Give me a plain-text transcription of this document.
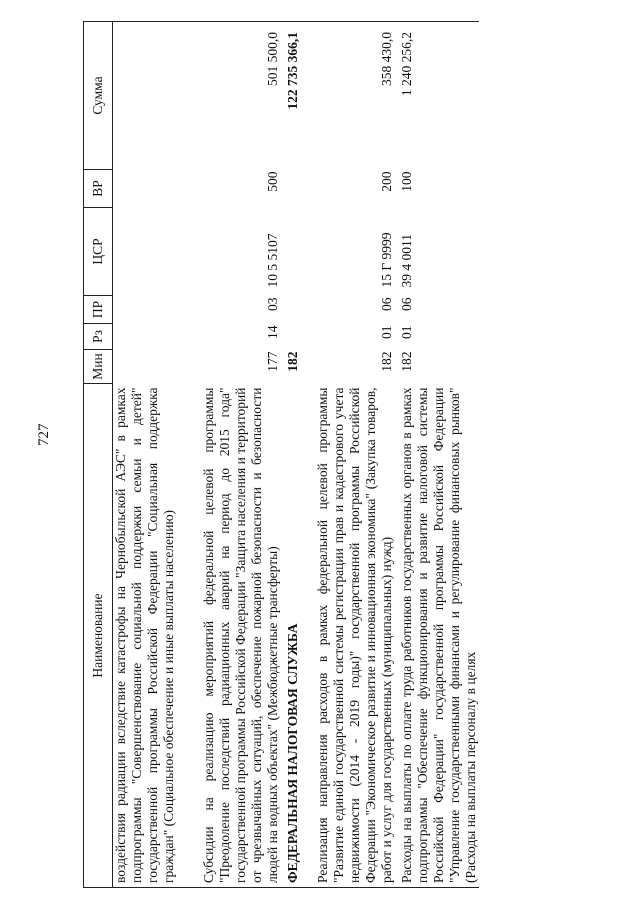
727
Наименование	Мин	Рз	ПР	ЦСР	ВР	Сумма
воздействия радиации вследствие катастрофы на Чернобыльской АЭС" в рамках подпрограммы "Совершенствование социальной поддержки семьи и детей" государственной программы Российской Федерации "Социальная поддержка граждан" (Социальное обеспечение и иные выплаты населению)						
Субсидии на реализацию мероприятий федеральной целевой программы "Преодоление последствий радиационных аварий на период до 2015 года" государственной программы Российской Федерации "Защита населения и территорий от чрезвычайных ситуаций, обеспечение пожарной безопасности и безопасности людей на водных объектах" (Межбюджетные трансферты)	177	14	03	10 5 5107	500	501 500,0
ФЕДЕРАЛЬНАЯ НАЛОГОВАЯ СЛУЖБА	182					122 735 366,1
Реализация направления расходов в рамках федеральной целевой программы "Развитие единой государственной системы регистрации прав и кадастрового учета недвижимости (2014 - 2019 годы)" государственной программы Российской Федерации "Экономическое развитие и инновационная экономика" (Закупка товаров, работ и услуг для государственных (муниципальных) нужд)	182	01	06	15 Г 9999	200	358 430,0
Расходы на выплаты по оплате труда работников государственных органов в рамках подпрограммы "Обеспечение функционирования и развитие налоговой системы Российской Федерации" государственной программы Российской Федерации "Управление государственными финансами и регулирование финансовых рынков" (Расходы на выплаты персоналу в целях	182	01	06	39 4 0011	100	1 240 256,2
